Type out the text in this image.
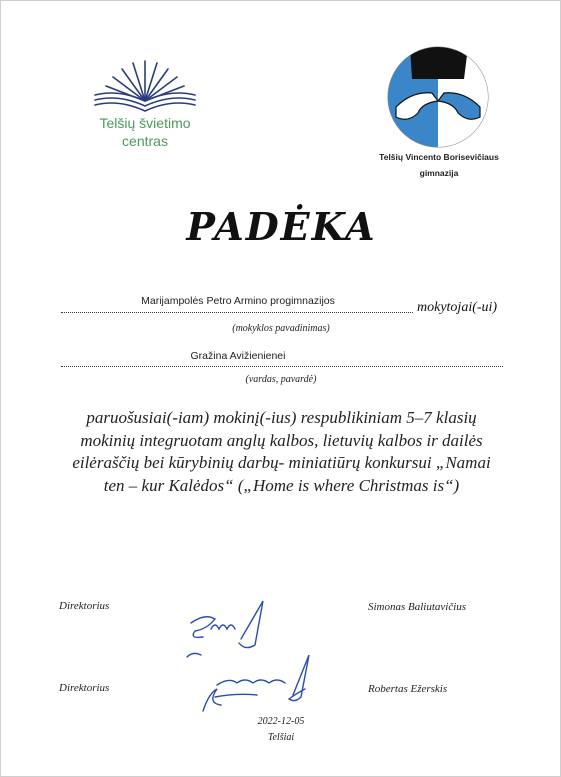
Telšių švietimo
centras
Telšių Vincento Borisevičiaus
gimnazija
PADĖKA
Marijampolės Petro Armino progimnazijos	mokytojai(-ui)
(mokyklos pavadinimas)
Gražina Avižienienei
(vardas, pavardė)
paruošusiai(-iam) mokinį(-ius) respublikiniam 5–7 klasių mokinių integruotam anglų kalbos, lietuvių kalbos ir dailės eilėraščių bei kūrybinių darbų- miniatiūrų konkursui „Namai ten – kur Kalėdos“ („Home is where Christmas is“)
Direktorius	Simonas Baliutavičius
Direktorius	Robertas Ežerskis
2022-12-05
Telšiai
